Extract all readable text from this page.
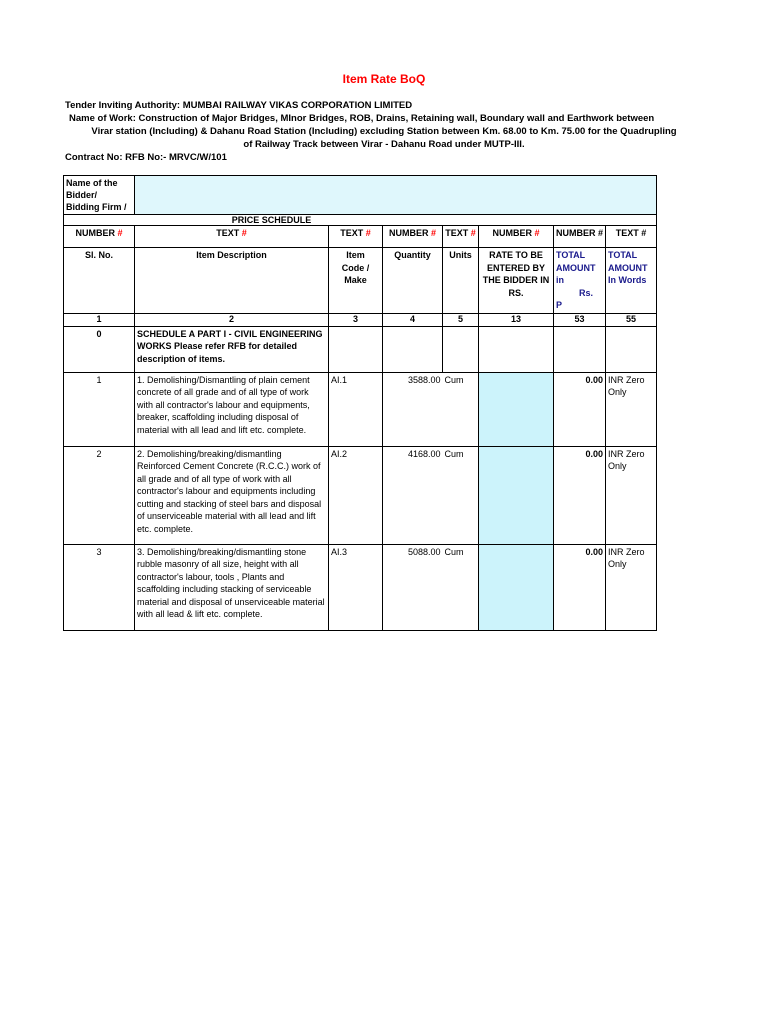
Item Rate BoQ
Tender Inviting Authority: MUMBAI RAILWAY VIKAS CORPORATION LIMITED
Name of Work: Construction of Major Bridges, MInor Bridges, ROB, Drains, Retaining wall, Boundary wall and Earthwork between
Virar station (Including) & Dahanu Road Station (Including) excluding Station between Km. 68.00 to Km. 75.00 for the Quadrupling
of Railway Track between Virar - Dahanu Road under MUTP-III.
Contract No: RFB No:- MRVC/W/101
Name of the Bidder/ Bidding Firm /							
	PRICE SCHEDULE						
NUMBER #	TEXT #	TEXT #	NUMBER #	TEXT #	NUMBER #	NUMBER #	TEXT #
Sl. No.	Item Description	Item Code / Make	Quantity	Units	RATE TO BE ENTERED BY THE BIDDER IN RS.	TOTAL AMOUNT in
Rs.
P	TOTAL AMOUNT In Words
1	2	3	4	5	13	53	55
0	SCHEDULE A PART I - CIVIL ENGINEERING WORKS Please refer RFB for detailed description of items.						
1	1. Demolishing/Dismantling of plain cement concrete of all grade and of all type of work with all contractor's labour and equipments, breaker, scaffolding including disposal of material with all lead and lift etc. complete.	AI.1	3588.00	Cum		0.00	INR Zero Only
2	2. Demolishing/breaking/dismantling Reinforced Cement Concrete (R.C.C.) work of all grade and of all type of work with all contractor's labour and equipments including cutting and stacking of steel bars and disposal of unserviceable material with all lead and lift etc. complete.	AI.2	4168.00	Cum		0.00	INR Zero Only
3	3. Demolishing/breaking/dismantling stone rubble masonry of all size, height with all contractor's labour, tools , Plants and scaffolding including stacking of serviceable material and disposal of unserviceable material with all lead & lift etc. complete.	AI.3	5088.00	Cum		0.00	INR Zero Only
